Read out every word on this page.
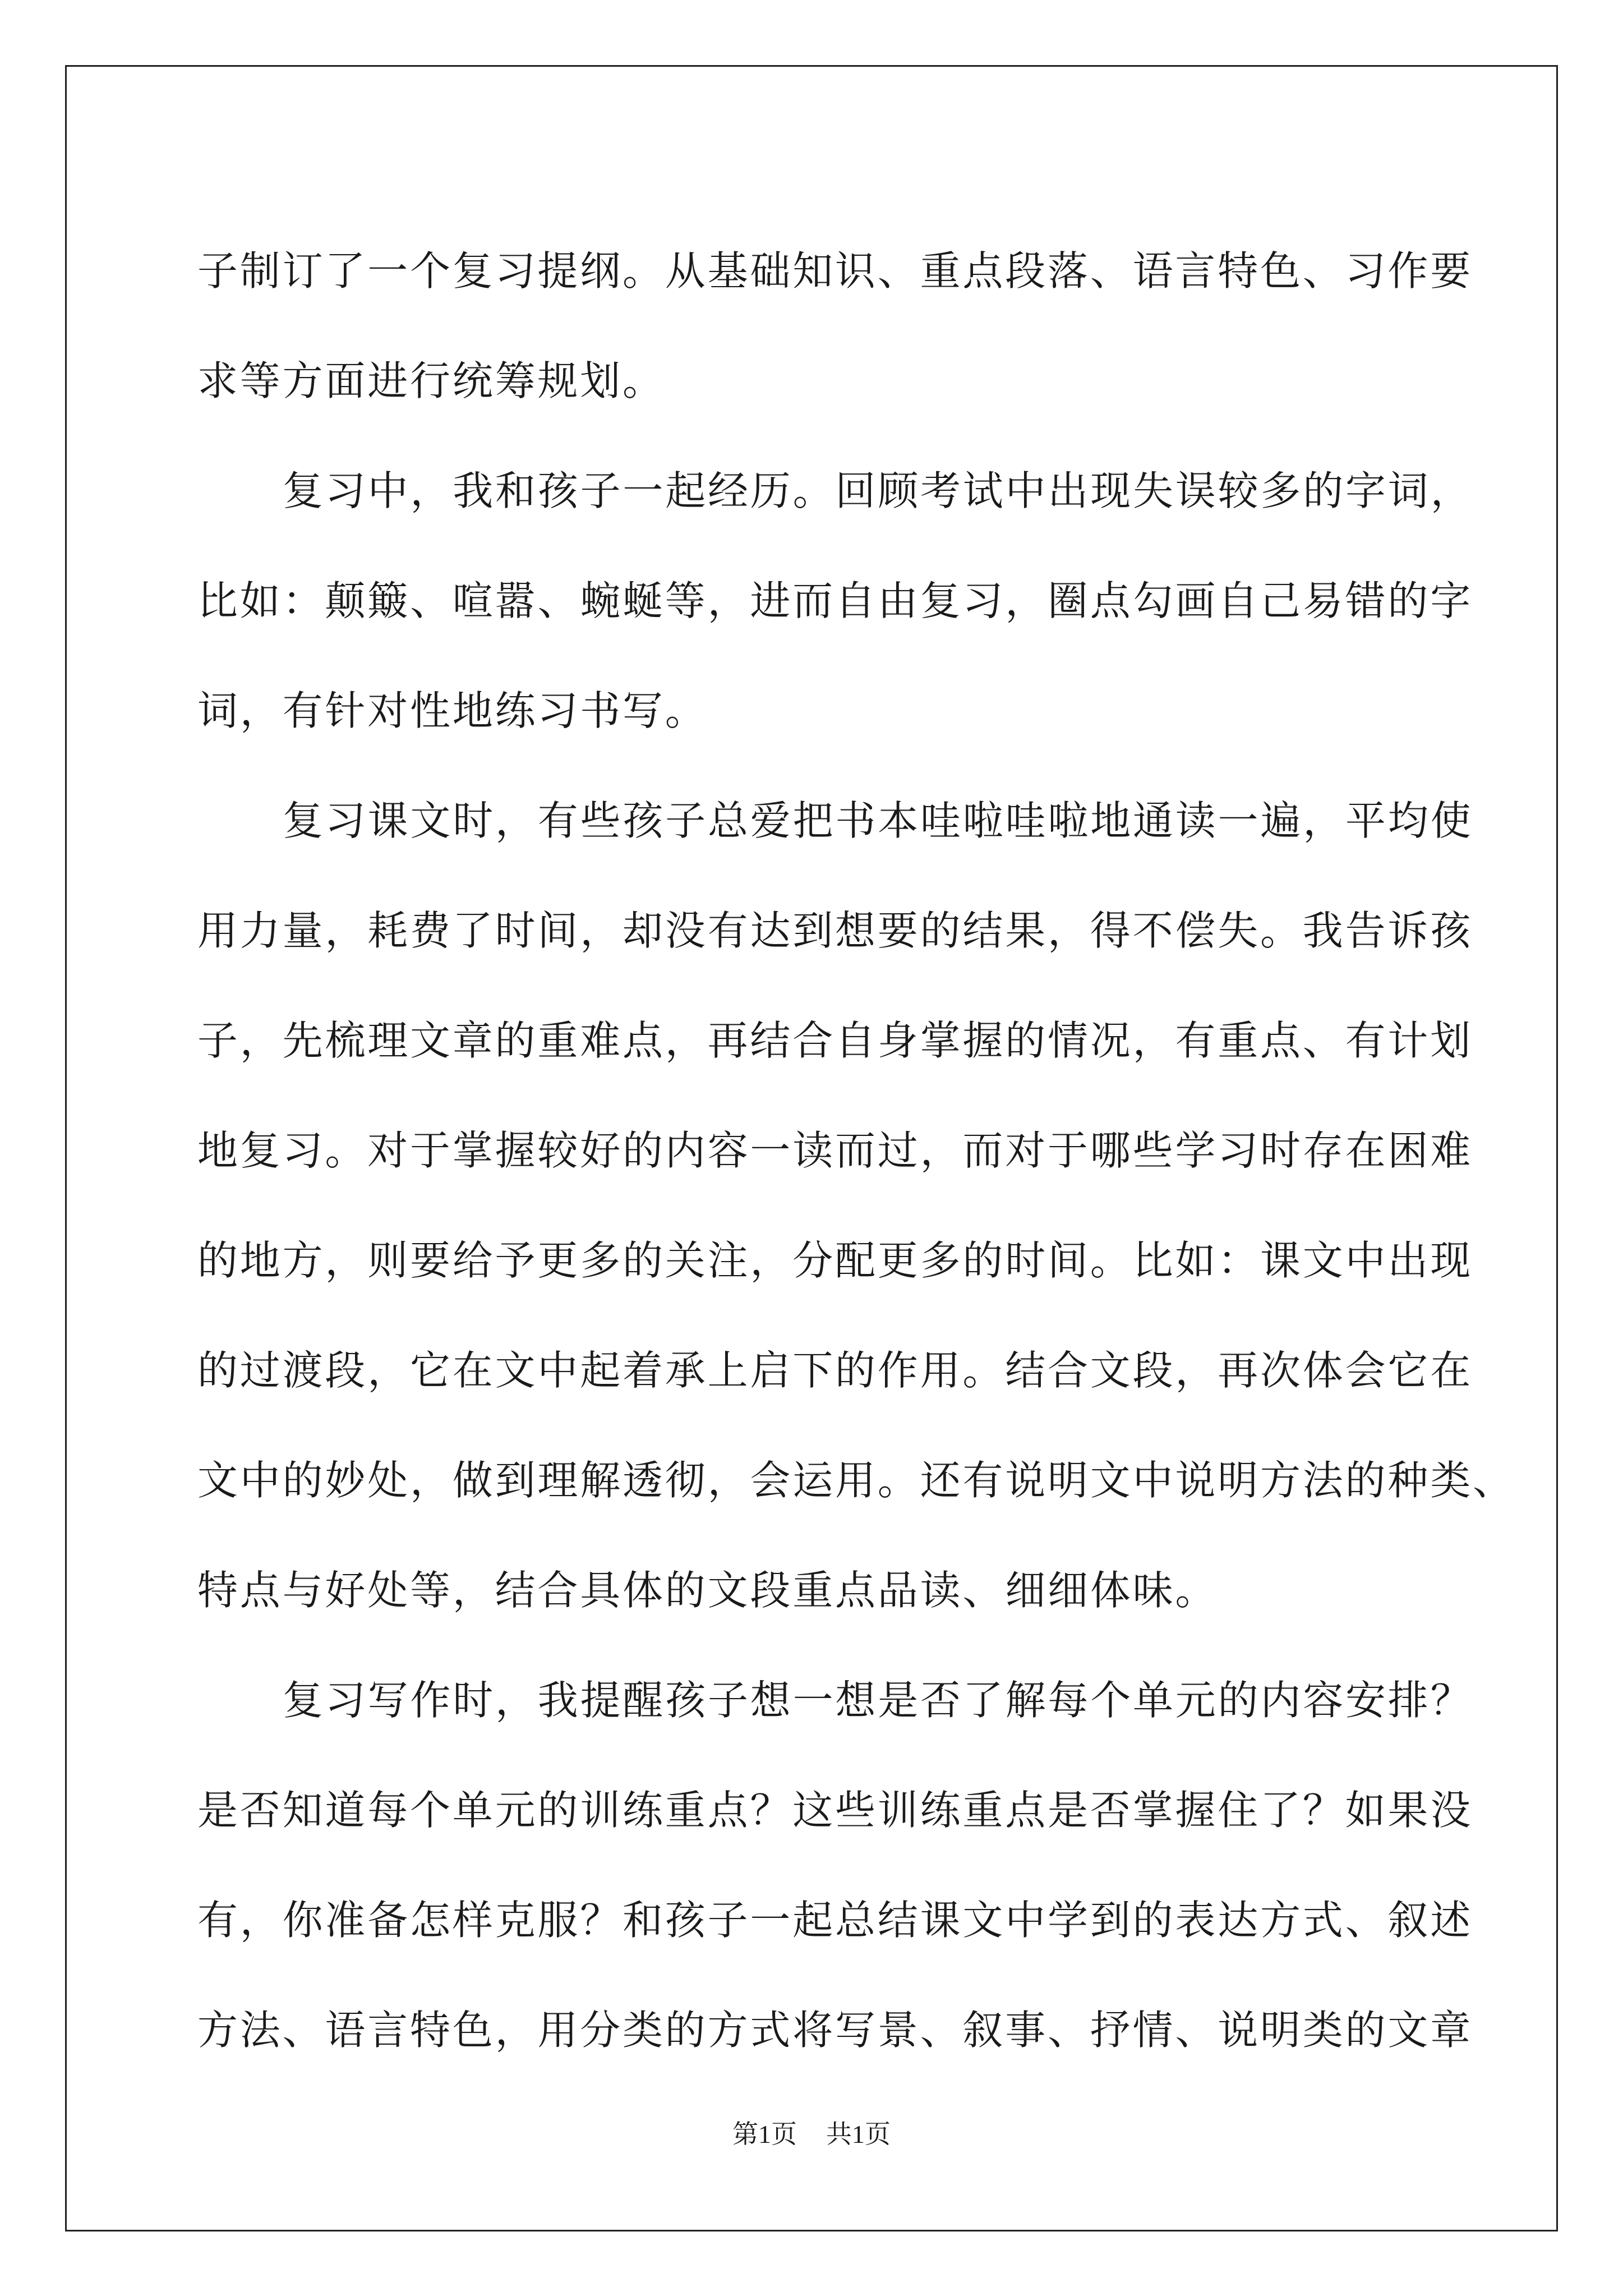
子制订了一个复习提纲。从基础知识、重点段落、语言特色、习作要
求等方面进行统筹规划。
复习中，我和孩子一起经历。回顾考试中出现失误较多的字词，
比如：颠簸、喧嚣、蜿蜒等，进而自由复习，圈点勾画自己易错的字
词，有针对性地练习书写。
复习课文时，有些孩子总爱把书本哇啦哇啦地通读一遍，平均使
用力量，耗费了时间，却没有达到想要的结果，得不偿失。我告诉孩
子，先梳理文章的重难点，再结合自身掌握的情况，有重点、有计划
地复习。对于掌握较好的内容一读而过，而对于哪些学习时存在困难
的地方，则要给予更多的关注，分配更多的时间。比如：课文中出现
的过渡段，它在文中起着承上启下的作用。结合文段，再次体会它在
文中的妙处，做到理解透彻，会运用。还有说明文中说明方法的种类、
特点与好处等，结合具体的文段重点品读、细细体味。
复习写作时，我提醒孩子想一想是否了解每个单元的内容安排？
是否知道每个单元的训练重点？这些训练重点是否掌握住了？如果没
有，你准备怎样克服？和孩子一起总结课文中学到的表达方式、叙述
方法、语言特色，用分类的方式将写景、叙事、抒情、说明类的文章
第1页 共1页
